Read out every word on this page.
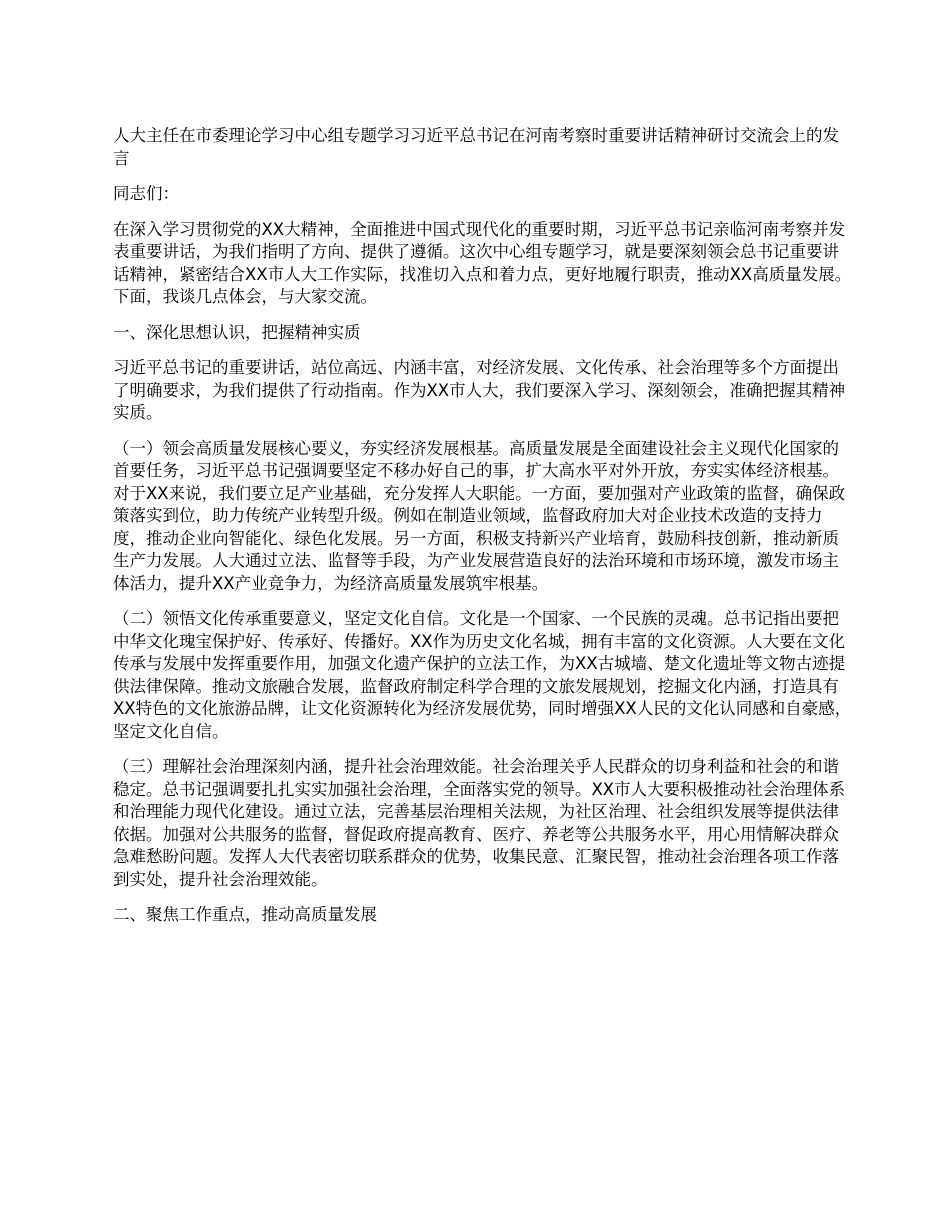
人大主任在市委理论学习中心组专题学习习近平总书记在河南考察时重要讲话精神研讨交流会上的发言

同志们：

在深入学习贯彻党的XX大精神，全面推进中国式现代化的重要时期，习近平总书记亲临河南考察并发表重要讲话，为我们指明了方向、提供了遵循。这次中心组专题学习，就是要深刻领会总书记重要讲话精神，紧密结合XX市人大工作实际，找准切入点和着力点，更好地履行职责，推动XX高质量发展。下面，我谈几点体会，与大家交流。

一、深化思想认识，把握精神实质

习近平总书记的重要讲话，站位高远、内涵丰富，对经济发展、文化传承、社会治理等多个方面提出了明确要求，为我们提供了行动指南。作为XX市人大，我们要深入学习、深刻领会，准确把握其精神实质。

（一）领会高质量发展核心要义，夯实经济发展根基。高质量发展是全面建设社会主义现代化国家的首要任务，习近平总书记强调要坚定不移办好自己的事，扩大高水平对外开放，夯实实体经济根基。对于XX来说，我们要立足产业基础，充分发挥人大职能。一方面，要加强对产业政策的监督，确保政策落实到位，助力传统产业转型升级。例如在制造业领域，监督政府加大对企业技术改造的支持力度，推动企业向智能化、绿色化发展。另一方面，积极支持新兴产业培育，鼓励科技创新，推动新质生产力发展。人大通过立法、监督等手段，为产业发展营造良好的法治环境和市场环境，激发市场主体活力，提升XX产业竞争力，为经济高质量发展筑牢根基。

（二）领悟文化传承重要意义，坚定文化自信。文化是一个国家、一个民族的灵魂。总书记指出要把中华文化瑰宝保护好、传承好、传播好。XX作为历史文化名城，拥有丰富的文化资源。人大要在文化传承与发展中发挥重要作用，加强文化遗产保护的立法工作，为XX古城墙、楚文化遗址等文物古迹提供法律保障。推动文旅融合发展，监督政府制定科学合理的文旅发展规划，挖掘文化内涵，打造具有XX特色的文化旅游品牌，让文化资源转化为经济发展优势，同时增强XX人民的文化认同感和自豪感，坚定文化自信。

（三）理解社会治理深刻内涵，提升社会治理效能。社会治理关乎人民群众的切身利益和社会的和谐稳定。总书记强调要扎扎实实加强社会治理，全面落实党的领导。XX市人大要积极推动社会治理体系和治理能力现代化建设。通过立法，完善基层治理相关法规，为社区治理、社会组织发展等提供法律依据。加强对公共服务的监督，督促政府提高教育、医疗、养老等公共服务水平，用心用情解决群众急难愁盼问题。发挥人大代表密切联系群众的优势，收集民意、汇聚民智，推动社会治理各项工作落到实处，提升社会治理效能。

二、聚焦工作重点，推动高质量发展
